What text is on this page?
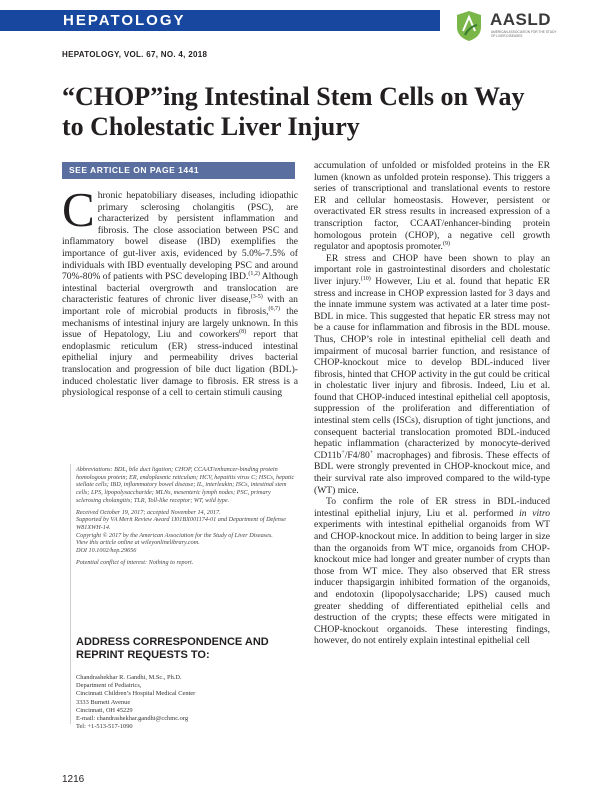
HEPATOLOGY	AASLD
AMERICAN ASSOCIATION FOR THE STUDY OF LIVER DISEASES
HEPATOLOGY, VOL. 67, NO. 4, 2018
“CHOP”ing Intestinal Stem Cells on Way to Cholestatic Liver Injury
SEE ARTICLE ON PAGE 1441

Chronic hepatobiliary diseases, including idiopathic primary sclerosing cholangitis (PSC), are characterized by persistent inflammation and fibrosis. The close association between PSC and inflammatory bowel disease (IBD) exemplifies the importance of gut-liver axis, evidenced by 5.0%-7.5% of individuals with IBD eventually developing PSC and around 70%-80% of patients with PSC developing IBD.$^{(1,2)}$ Although intestinal bacterial overgrowth and translocation are characteristic features of chronic liver disease,$^{(3-5)}$ with an important role of microbial products in fibrosis,$^{(6,7)}$ the mechanisms of intestinal injury are largely unknown. In this issue of Hepatology, Liu and coworkers$^{(8)}$ report that endoplasmic reticulum (ER) stress-induced intestinal epithelial injury and permeability drives bacterial translocation and progression of bile duct ligation (BDL)-induced cholestatic liver damage to fibrosis. ER stress is a physiological response of a cell to certain stimuli causing

Abbreviations: BDL, bile duct ligation; CHOP, CCAAT/enhancer-binding protein homologous protein; ER, endoplasmic reticulum; HCV, hepatitis virus C; HSCs, hepatic stellate cells; IBD, inflammatory bowel disease; IL, interleukin; ISCs, intestinal stem cells; LPS, lipopolysaccharide; MLNs, mesenteric lymph nodes; PSC, primary sclerosing cholangitis; TLR, Toll-like receptor; WT, wild type.

Received October 19, 2017; accepted November 14, 2017.

Supported by VA Merit Review Award 1I01BX001174-01 and Department of Defense W81XWH-14.

Copyright © 2017 by the American Association for the Study of Liver Diseases.

View this article online at wileyonlinelibrary.com.

DOI 10.1002/hep.29656

Potential conflict of interest: Nothing to report.

ADDRESS CORRESPONDENCE AND REPRINT REQUESTS TO:
Chandrashekhar R. Gandhi, M.Sc., Ph.D.
Department of Pediatrics,
Cincinnati Children’s Hospital Medical Center
3333 Burnett Avenue
Cincinnati, OH 45229
E-mail: chandrashekhar.gandhi@cchmc.org
Tel: +1-513-517-1090

accumulation of unfolded or misfolded proteins in the ER lumen (known as unfolded protein response). This triggers a series of transcriptional and translational events to restore ER and cellular homeostasis. However, persistent or overactivated ER stress results in increased expression of a transcription factor, CCAAT/enhancer-binding protein homologous protein (CHOP), a negative cell growth regulator and apoptosis promoter.$^{(9)}$

ER stress and CHOP have been shown to play an important role in gastrointestinal disorders and cholestatic liver injury.$^{(10)}$ However, Liu et al. found that hepatic ER stress and increase in CHOP expression lasted for 3 days and the innate immune system was activated at a later time post-BDL in mice. This suggested that hepatic ER stress may not be a cause for inflammation and fibrosis in the BDL mouse. Thus, CHOP’s role in intestinal epithelial cell death and impairment of mucosal barrier function, and resistance of CHOP-knockout mice to develop BDL-induced liver fibrosis, hinted that CHOP activity in the gut could be critical in cholestatic liver injury and fibrosis. Indeed, Liu et al. found that CHOP-induced intestinal epithelial cell apoptosis, suppression of the proliferation and differentiation of intestinal stem cells (ISCs), disruption of tight junctions, and consequent bacterial translocation promoted BDL-induced hepatic inflammation (characterized by monocyte-derived CD11b+/F4/80+ macrophages) and fibrosis. These effects of BDL were strongly prevented in CHOP-knockout mice, and their survival rate also improved compared to the wild-type (WT) mice.

To confirm the role of ER stress in BDL-induced intestinal epithelial injury, Liu et al. performed in vitro experiments with intestinal epithelial organoids from WT and CHOP-knockout mice. In addition to being larger in size than the organoids from WT mice, organoids from CHOP-knockout mice had longer and greater number of crypts than those from WT mice. They also observed that ER stress inducer thapsigargin inhibited formation of the organoids, and endotoxin (lipopolysaccharide; LPS) caused much greater shedding of differentiated epithelial cells and destruction of the crypts; these effects were mitigated in CHOP-knockout organoids. These interesting findings, however, do not entirely explain intestinal epithelial cell

1216
